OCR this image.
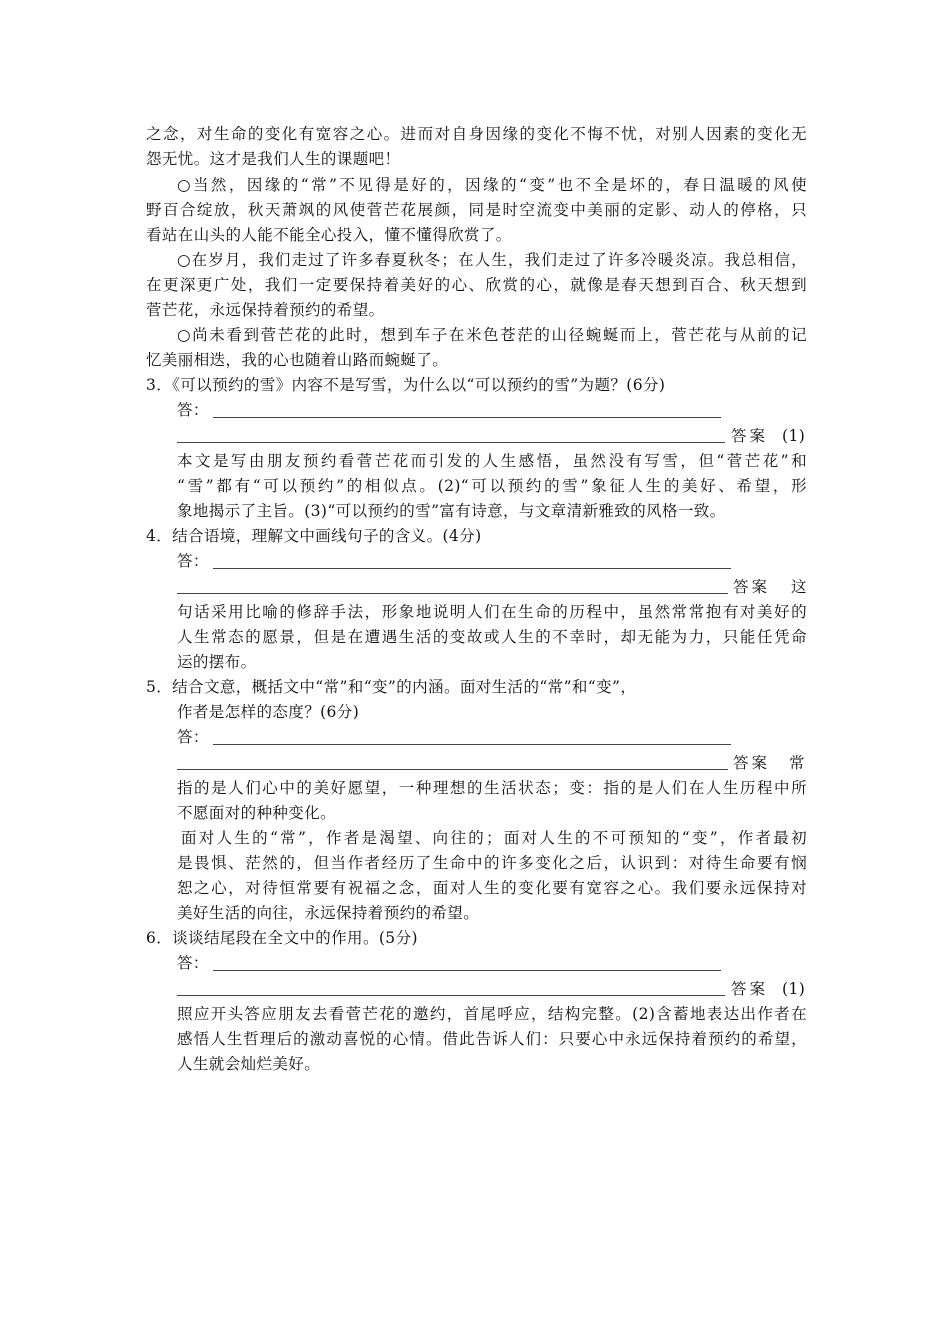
之念，对生命的变化有宽容之心。进而对自身因缘的变化不悔不忧，对别人因素的变化无
怨无忧。这才是我们人生的课题吧！
○当然，因缘的“常”不见得是好的，因缘的“变”也不全是坏的，春日温暖的风使
野百合绽放，秋天萧飒的风使菅芒花展颜，同是时空流变中美丽的定影、动人的停格，只
看站在山头的人能不能全心投入，懂不懂得欣赏了。
○在岁月，我们走过了许多春夏秋冬；在人生，我们走过了许多冷暖炎凉。我总相信，
在更深更广处，我们一定要保持着美好的心、欣赏的心，就像是春天想到百合、秋天想到
菅芒花，永远保持着预约的希望。
○尚未看到菅芒花的此时，想到车子在米色苍茫的山径蜿蜒而上，菅芒花与从前的记
忆美丽相迭，我的心也随着山路而蜿蜒了。
3．《可以预约的雪》内容不是写雪，为什么以“可以预约的雪”为题？(6分)
答：
答案 (1)
本文是写由朋友预约看菅芒花而引发的人生感悟，虽然没有写雪，但“菅芒花”和
“雪”都有“可以预约”的相似点。(2)“可以预约的雪”象征人生的美好、希望，形
象地揭示了主旨。(3)“可以预约的雪”富有诗意，与文章清新雅致的风格一致。
4．结合语境，理解文中画线句子的含义。(4分)
答：
答案 这
句话采用比喻的修辞手法，形象地说明人们在生命的历程中，虽然常常抱有对美好的
人生常态的愿景，但是在遭遇生活的变故或人生的不幸时，却无能为力，只能任凭命
运的摆布。
5．结合文意，概括文中“常”和“变”的内涵。面对生活的“常”和“变”，
作者是怎样的态度？(6分)
答：
答案 常
指的是人们心中的美好愿望，一种理想的生活状态；变：指的是人们在人生历程中所
不愿面对的种种变化。
面对人生的“常”，作者是渴望、向往的；面对人生的不可预知的“变”，作者最初
是畏惧、茫然的，但当作者经历了生命中的许多变化之后，认识到：对待生命要有悯
恕之心，对待恒常要有祝福之念，面对人生的变化要有宽容之心。我们要永远保持对
美好生活的向往，永远保持着预约的希望。
6．谈谈结尾段在全文中的作用。(5分)
答：
答案 (1)
照应开头答应朋友去看菅芒花的邀约，首尾呼应，结构完整。(2)含蓄地表达出作者在
感悟人生哲理后的激动喜悦的心情。借此告诉人们：只要心中永远保持着预约的希望，
人生就会灿烂美好。
